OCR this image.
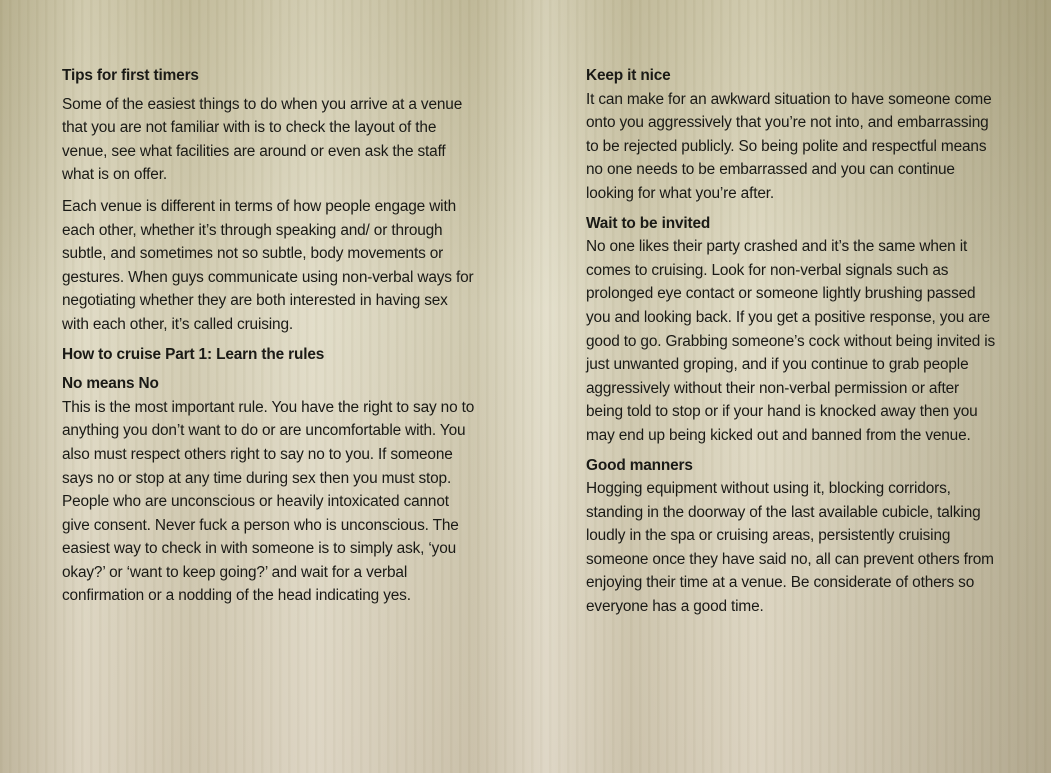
Tips for first timers

Some of the easiest things to do when you arrive at a venue that you are not familiar with is to check the layout of the venue, see what facilities are around or even ask the staff what is on offer.

Each venue is different in terms of how people engage with each other, whether it’s through speaking and/ or through subtle, and sometimes not so subtle, body movements or gestures. When guys communicate using non-verbal ways for negotiating whether they are both interested in having sex with each other, it’s called cruising.

How to cruise Part 1: Learn the rules

No means No

This is the most important rule. You have the right to say no to anything you don’t want to do or are uncomfortable with. You also must respect others right to say no to you. If someone says no or stop at any time during sex then you must stop. People who are unconscious or heavily intoxicated cannot give consent. Never fuck a person who is unconscious. The easiest way to check in with someone is to simply ask, ‘you okay?’ or ‘want to keep going?’ and wait for a verbal confirmation or a nodding of the head indicating yes.

Keep it nice

It can make for an awkward situation to have someone come onto you aggressively that you’re not into, and embarrassing to be rejected publicly. So being polite and respectful means no one needs to be embarrassed and you can continue looking for what you’re after.

Wait to be invited

No one likes their party crashed and it’s the same when it comes to cruising. Look for non-verbal signals such as prolonged eye contact or someone lightly brushing passed you and looking back. If you get a positive response, you are good to go. Grabbing someone’s cock without being invited is just unwanted groping, and if you continue to grab people aggressively without their non-verbal permission or after being told to stop or if your hand is knocked away then you may end up being kicked out and banned from the venue.

Good manners

Hogging equipment without using it, blocking corridors, standing in the doorway of the last available cubicle, talking loudly in the spa or cruising areas, persistently cruising someone once they have said no, all can prevent others from enjoying their time at a venue. Be considerate of others so everyone has a good time.
